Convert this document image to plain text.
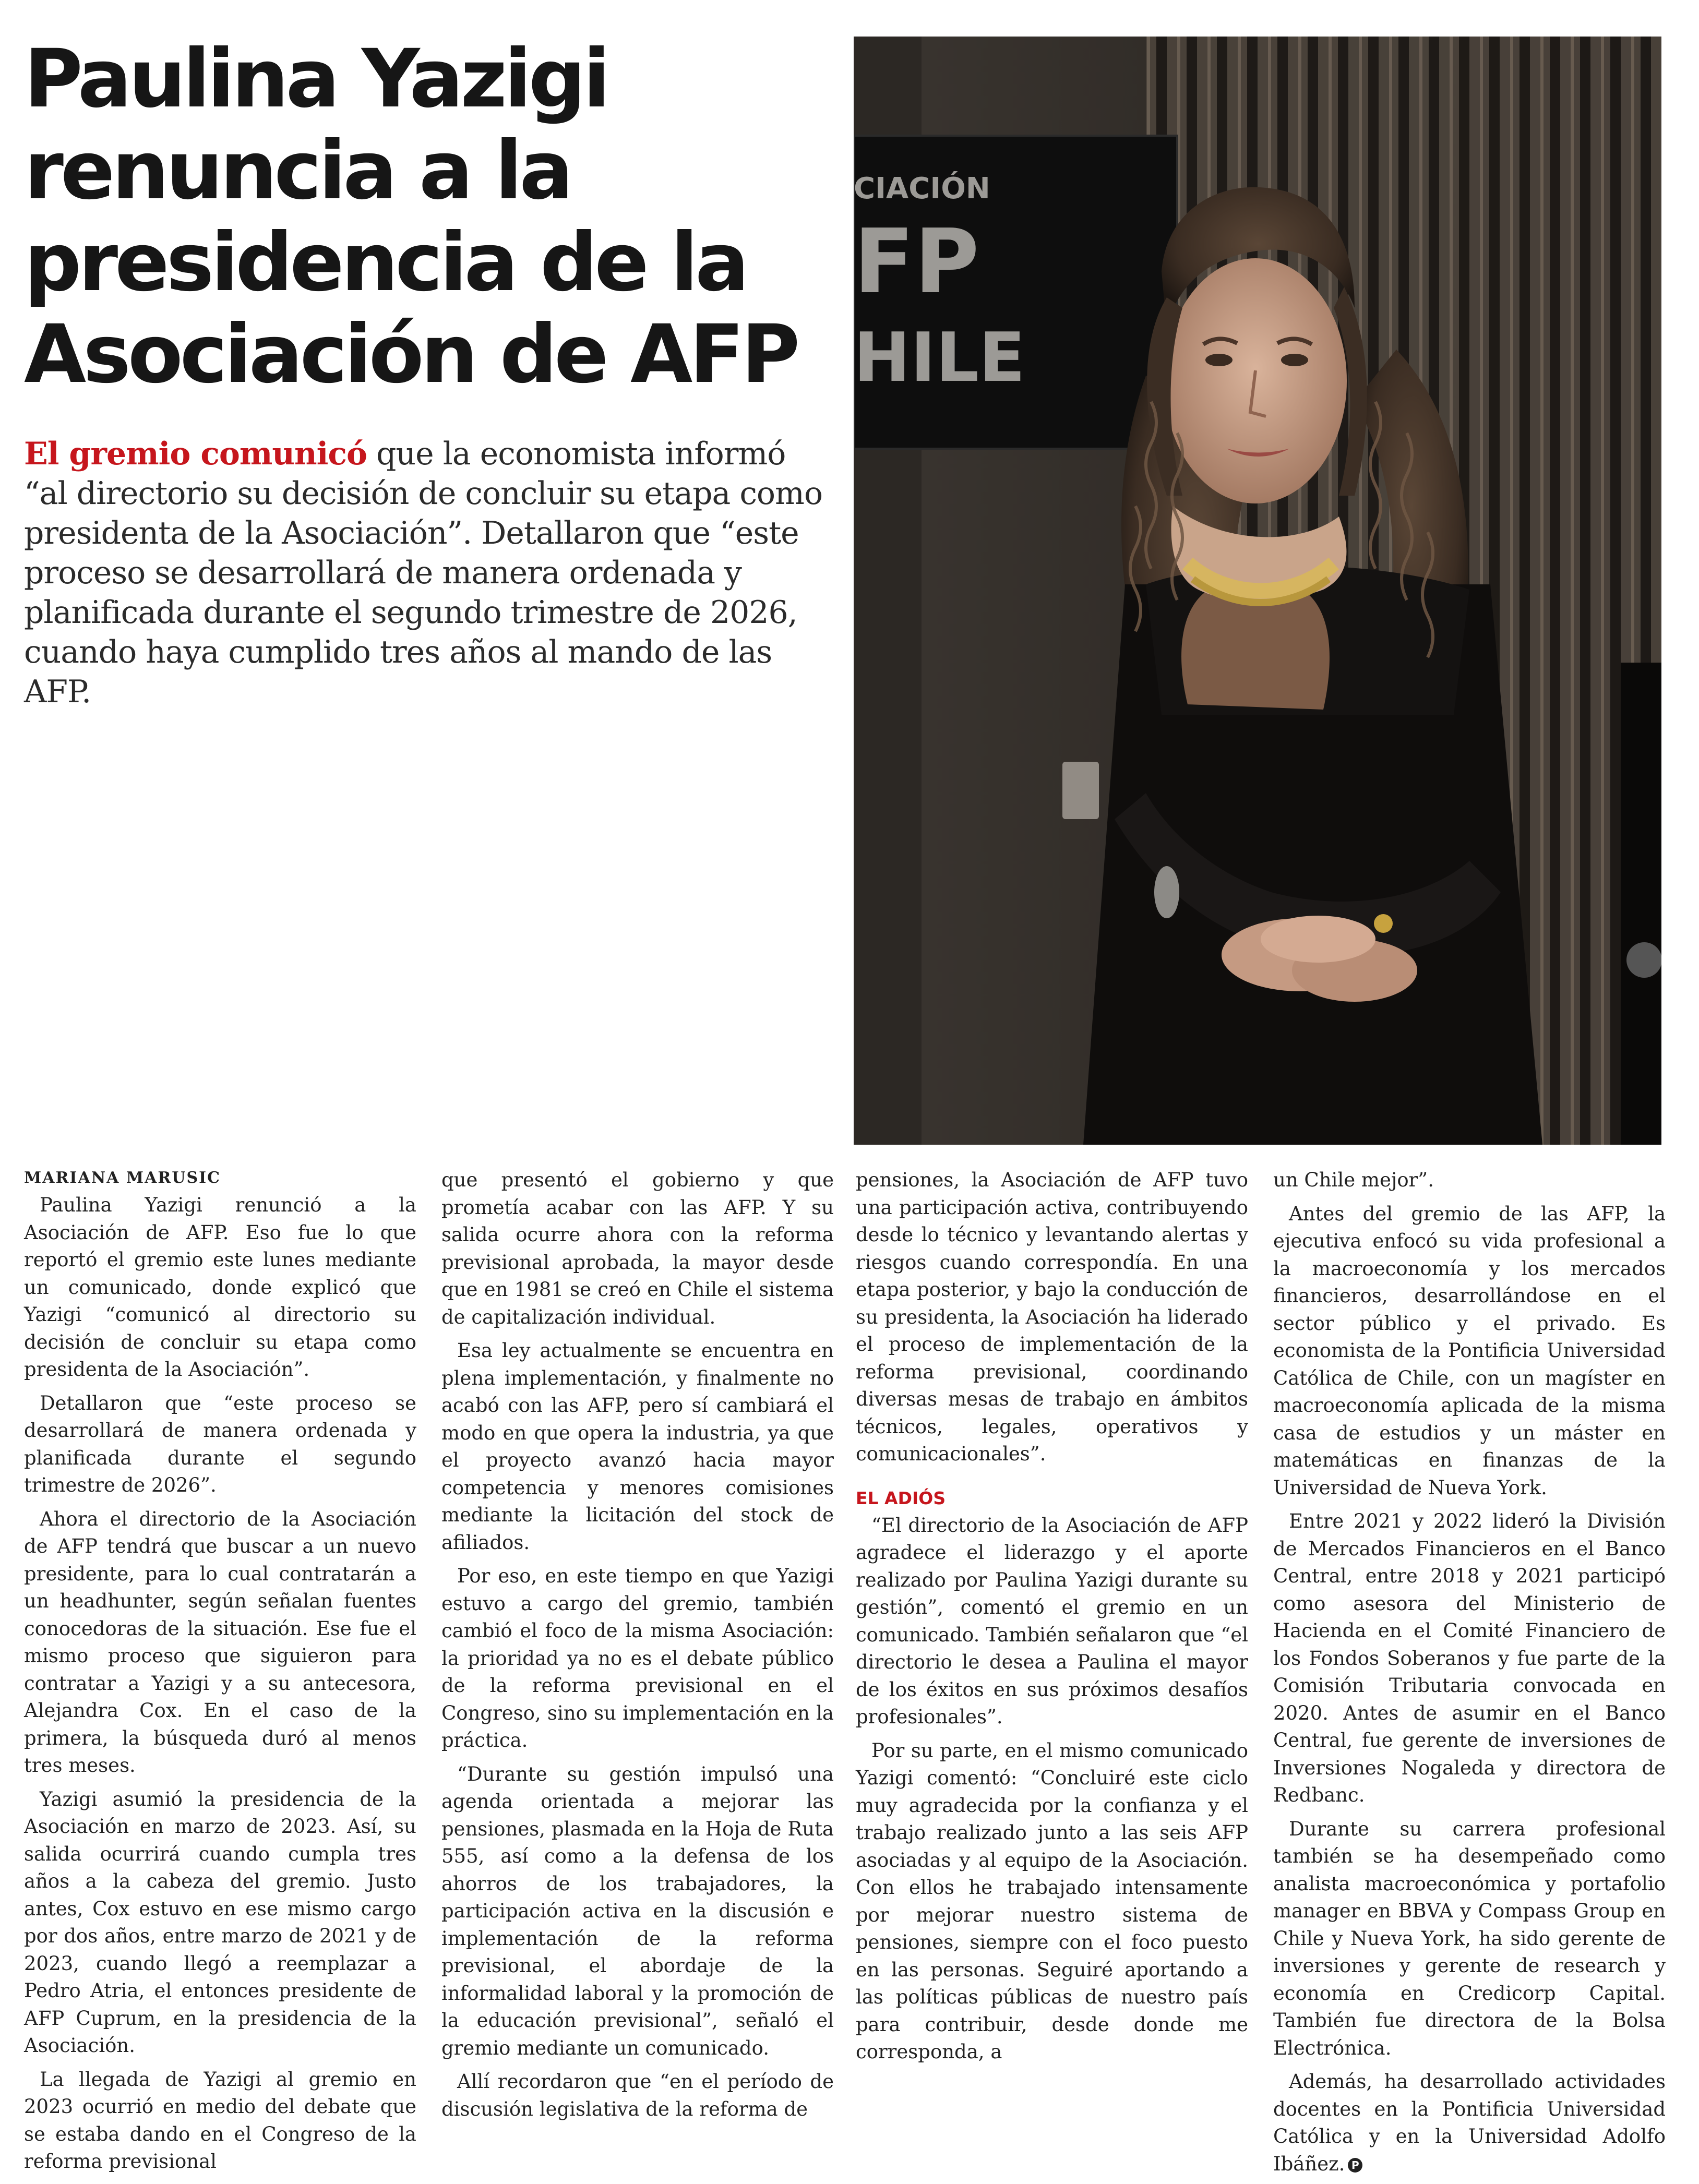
Paulina Yazigi
renuncia a la
presidencia de la
Asociación de AFP

El gremio comunicó que la economista informó “al directorio su decisión de concluir su etapa como presidenta de la Asociación”. Detallaron que “este proceso se desarrollará de manera ordenada y planificada durante el segundo trimestre de 2026, cuando haya cumplido tres años al mando de las AFP.

CIACIÓN
FP
HILE
MARIANA MARUSIC

Paulina Yazigi renunció a la Asociación de AFP. Eso fue lo que reportó el gremio este lunes mediante un comunicado, donde explicó que Yazigi “comunicó al directorio su decisión de concluir su etapa como presidenta de la Asociación”.

Detallaron que “este proceso se desarrollará de manera ordenada y planificada durante el segundo trimestre de 2026”.

Ahora el directorio de la Asociación de AFP tendrá que buscar a un nuevo presidente, para lo cual contratarán a un headhunter, según señalan fuentes conocedoras de la situación. Ese fue el mismo proceso que siguieron para contratar a Yazigi y a su antecesora, Alejandra Cox. En el caso de la primera, la búsqueda duró al menos tres meses.

Yazigi asumió la presidencia de la Asociación en marzo de 2023. Así, su salida ocurrirá cuando cumpla tres años a la cabeza del gremio. Justo antes, Cox estuvo en ese mismo cargo por dos años, entre marzo de 2021 y de 2023, cuando llegó a reemplazar a Pedro Atria, el entonces presidente de AFP Cuprum, en la presidencia de la Asociación.

La llegada de Yazigi al gremio en 2023 ocurrió en medio del debate que se estaba dando en el Congreso de la reforma previsional

que presentó el gobierno y que prometía acabar con las AFP. Y su salida ocurre ahora con la reforma previsional aprobada, la mayor desde que en 1981 se creó en Chile el sistema de capitalización individual.

Esa ley actualmente se encuentra en plena implementación, y finalmente no acabó con las AFP, pero sí cambiará el modo en que opera la industria, ya que el proyecto avanzó hacia mayor competencia y menores comisiones mediante la licitación del stock de afiliados.

Por eso, en este tiempo en que Yazigi estuvo a cargo del gremio, también cambió el foco de la misma Asociación: la prioridad ya no es el debate público de la reforma previsional en el Congreso, sino su implementación en la práctica.

“Durante su gestión impulsó una agenda orientada a mejorar las pensiones, plasmada en la Hoja de Ruta 555, así como a la defensa de los ahorros de los trabajadores, la participación activa en la discusión e implementación de la reforma previsional, el abordaje de la informalidad laboral y la promoción de la educación previsional”, señaló el gremio mediante un comunicado.

Allí recordaron que “en el período de discusión legislativa de la reforma de

pensiones, la Asociación de AFP tuvo una participación activa, contribuyendo desde lo técnico y levantando alertas y riesgos cuando correspondía. En una etapa posterior, y bajo la conducción de su presidenta, la Asociación ha liderado el proceso de implementación de la reforma previsional, coordinando diversas mesas de trabajo en ámbitos técnicos, legales, operativos y comunicacionales”.

EL ADIÓS

“El directorio de la Asociación de AFP agradece el liderazgo y el aporte realizado por Paulina Yazigi durante su gestión”, comentó el gremio en un comunicado. También señalaron que “el directorio le desea a Paulina el mayor de los éxitos en sus próximos desafíos profesionales”.

Por su parte, en el mismo comunicado Yazigi comentó: “Concluiré este ciclo muy agradecida por la confianza y el trabajo realizado junto a las seis AFP asociadas y al equipo de la Asociación. Con ellos he trabajado intensamente por mejorar nuestro sistema de pensiones, siempre con el foco puesto en las personas. Seguiré aportando a las políticas públicas de nuestro país para contribuir, desde donde me corresponda, a

un Chile mejor”.

Antes del gremio de las AFP, la ejecutiva enfocó su vida profesional a la macroeconomía y los mercados financieros, desarrollándose en el sector público y el privado. Es economista de la Pontificia Universidad Católica de Chile, con un magíster en macroeconomía aplicada de la misma casa de estudios y un máster en matemáticas en finanzas de la Universidad de Nueva York.

Entre 2021 y 2022 lideró la División de Mercados Financieros en el Banco Central, entre 2018 y 2021 participó como asesora del Ministerio de Hacienda en el Comité Financiero de los Fondos Soberanos y fue parte de la Comisión Tributaria convocada en 2020. Antes de asumir en el Banco Central, fue gerente de inversiones de Inversiones Nogaleda y directora de Redbanc.

Durante su carrera profesional también se ha desempeñado como analista macroeconómica y portafolio manager en BBVA y Compass Group en Chile y Nueva York, ha sido gerente de inversiones y gerente de research y economía en Credicorp Capital. También fue directora de la Bolsa Electrónica.

Además, ha desarrollado actividades docentes en la Pontificia Universidad Católica y en la Universidad Adolfo Ibáñez. P
